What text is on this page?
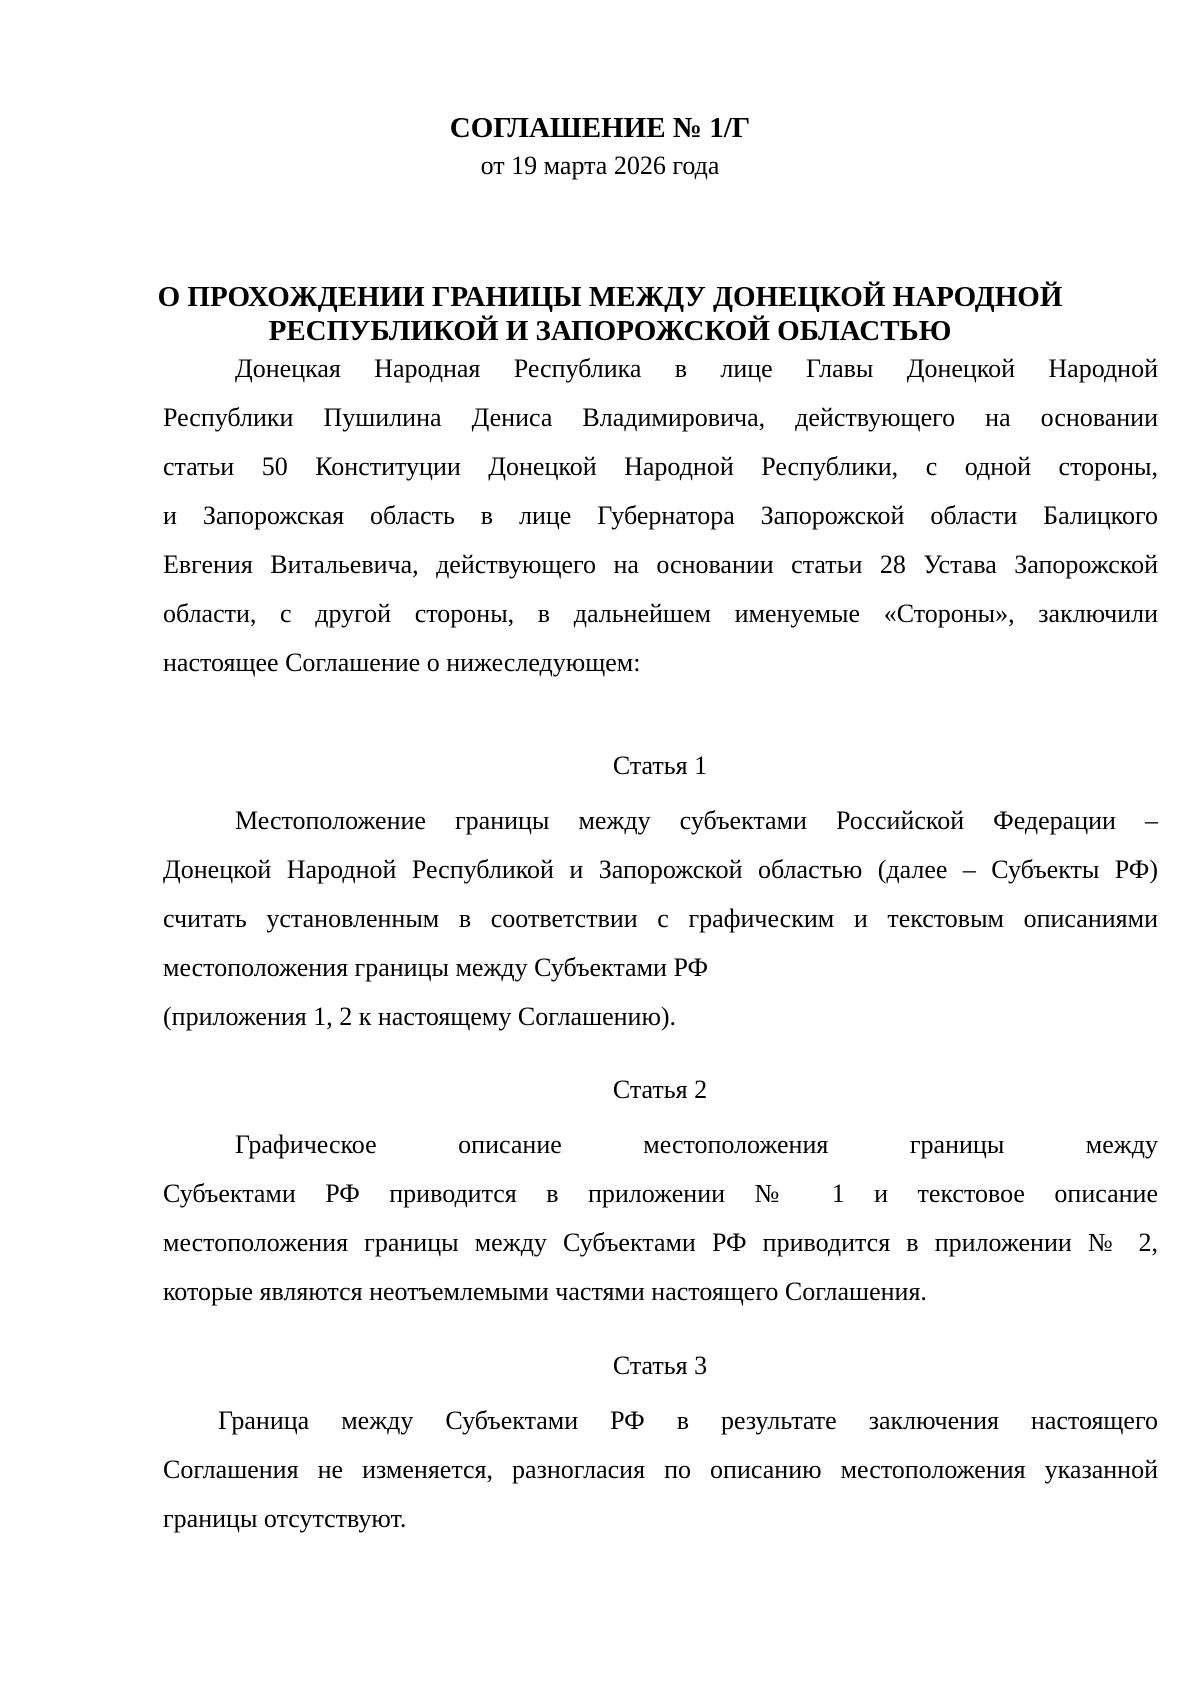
СОГЛАШЕНИЕ № 1/Г
от 19 марта 2026 года
О ПРОХОЖДЕНИИ ГРАНИЦЫ МЕЖДУ ДОНЕЦКОЙ НАРОДНОЙ
РЕСПУБЛИКОЙ И ЗАПОРОЖСКОЙ ОБЛАСТЬЮ
Донецкая Народная Республика в лице Главы Донецкой Народной
Республики Пушилина Дениса Владимировича, действующего на основании
статьи 50 Конституции Донецкой Народной Республики, с одной стороны,
и Запорожская область в лице Губернатора Запорожской области Балицкого
Евгения Витальевича, действующего на основании статьи 28 Устава Запорожской
области, с другой стороны, в дальнейшем именуемые «Стороны», заключили
настоящее Соглашение о нижеследующем:
Статья 1
Местоположение границы между субъектами Российской Федерации –
Донецкой Народной Республикой и Запорожской областью (далее – Субъекты РФ)
считать установленным в соответствии с графическим и текстовым описаниями
местоположения границы между Субъектами РФ
(приложения 1, 2 к настоящему Соглашению).
Статья 2
Графическое описание местоположения границы между
Субъектами РФ приводится в приложении № 1 и текстовое описание
местоположения границы между Субъектами РФ приводится в приложении № 2,
которые являются неотъемлемыми частями настоящего Соглашения.
Статья 3
Граница между Субъектами РФ в результате заключения настоящего
Соглашения не изменяется, разногласия по описанию местоположения указанной
границы отсутствуют.
